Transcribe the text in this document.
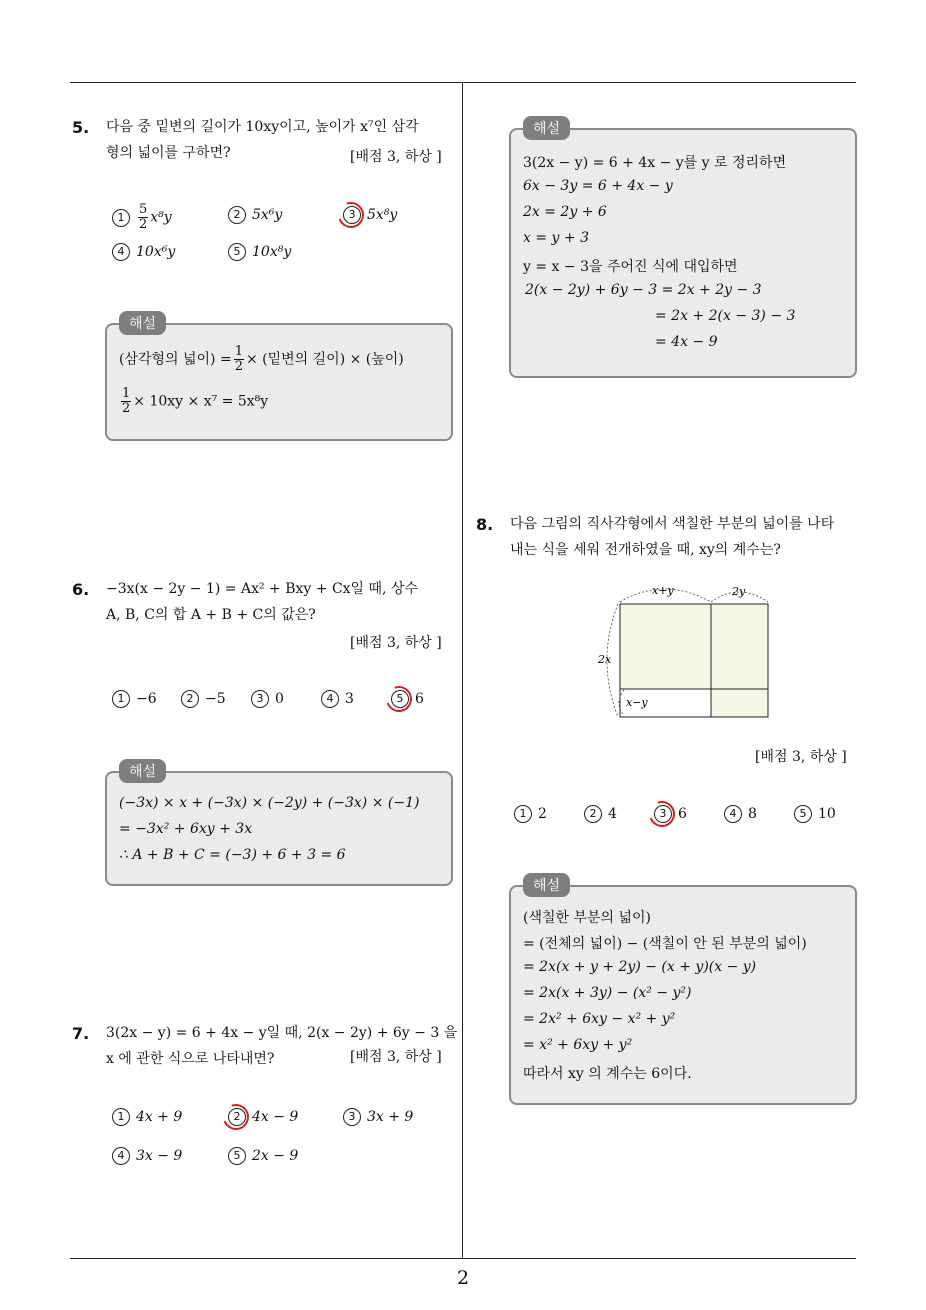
2
5. 다음 중 밑변의 길이가 10xy이고, 높이가 x⁷인 삼각
형의 넓이를 구하면?	[배점 3, 하상 ]
$1 \frac{5}{2} x^8y$	2 5x⁶y	3 5x⁸y
4 10x⁶y	5 10x⁸y
해설
(삼각형의 넓이) = $\frac{1}{2}$ × (밑변의 길이) × (높이)
$\frac{1}{2} \times 10xy \times x^7 = 5x^8y$
6. −3x(x − 2y − 1) = Ax² + Bxy + Cx일 때, 상수
A, B, C의 합 A + B + C의 값은?
[배점 3, 하상 ]
1 −6	2 −5	3 0	4 3	5 6
해설
(−3x) × x + (−3x) × (−2y) + (−3x) × (−1)
= −3x² + 6xy + 3x
∴ A + B + C = (−3) + 6 + 3 = 6
7. 3(2x − y) = 6 + 4x − y일 때, 2(x − 2y) + 6y − 3 을
x 에 관한 식으로 나타내면?	[배점 3, 하상 ]
1 4x + 9	2 4x − 9	3 3x + 9
4 3x − 9	5 2x − 9
해설
3(2x − y) = 6 + 4x − y를 y 로 정리하면
6x − 3y = 6 + 4x − y
2x = 2y + 6
x = y + 3
y = x − 3을 주어진 식에 대입하면
2(x − 2y) + 6y − 3 = 2x + 2y − 3
= 2x + 2(x − 3) − 3
= 4x − 9
8. 다음 그림의 직사각형에서 색칠한 부분의 넓이를 나타
내는 식을 세워 전개하였을 때, xy의 계수는?
x+y	2y
2x
x−y
[배점 3, 하상 ]
1 2	2 4	3 6	4 8	5 10
해설
(색칠한 부분의 넓이)
= (전체의 넓이) − (색칠이 안 된 부분의 넓이)
= 2x(x + y + 2y) − (x + y)(x − y)
= 2x(x + 3y) − (x² − y²)
= 2x² + 6xy − x² + y²
= x² + 6xy + y²
따라서 xy 의 계수는 6이다.
